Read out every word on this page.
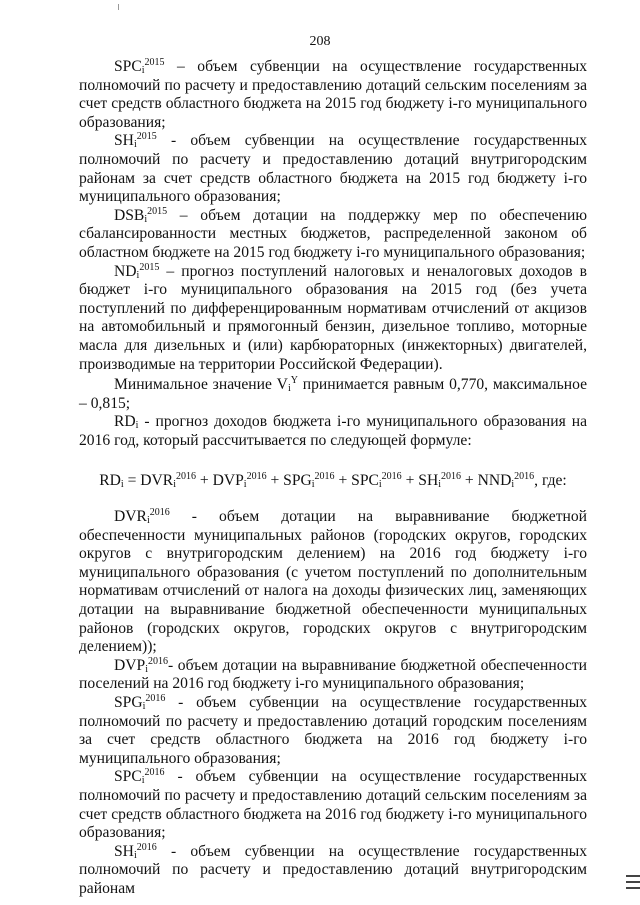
208

$SPC_i^{2015}$ – объем субвенции на осуществление государственных полномочий по расчету и предоставлению дотаций сельским поселениям за счет средств областного бюджета на 2015 год бюджету i-го муниципального образования;

$SH_i^{2015}$ - объем субвенции на осуществление государственных полномочий по расчету и предоставлению дотаций внутригородским районам за счет средств областного бюджета на 2015 год бюджету i-го муниципального образования;

$DSB_i^{2015}$ – объем дотации на поддержку мер по обеспечению сбалансированности местных бюджетов, распределенной законом об областном бюджете на 2015 год бюджету i-го муниципального образования;

$ND_i^{2015}$ – прогноз поступлений налоговых и неналоговых доходов в бюджет i-го муниципального образования на 2015 год (без учета поступлений по дифференцированным нормативам отчислений от акцизов на автомобильный и прямогонный бензин, дизельное топливо, моторные масла для дизельных и (или) карбюраторных (инжекторных) двигателей, производимые на территории Российской Федерации).

Минимальное значение $V_i^Y$ принимается равным 0,770, максимальное – 0,815;

$RD_i$ - прогноз доходов бюджета i-го муниципального образования на 2016 год, который рассчитывается по следующей формуле:

$RD_i = DVR_i^{2016} + DVP_i^{2016} + SPG_i^{2016} + SPC_i^{2016} + SH_i^{2016} + NND_i^{2016}$, где:

$DVR_i^{2016}$ - объем дотации на выравнивание бюджетной обеспеченности муниципальных районов (городских округов, городских округов с внутригородским делением) на 2016 год бюджету i-го муниципального образования (с учетом поступлений по дополнительным нормативам отчислений от налога на доходы физических лиц, заменяющих дотации на выравнивание бюджетной обеспеченности муниципальных районов (городских округов, городских округов с внутригородским делением));

$DVP_i^{2016}-$ объем дотации на выравнивание бюджетной обеспеченности поселений на 2016 год бюджету i-го муниципального образования;

$SPG_i^{2016}$ - объем субвенции на осуществление государственных полномочий по расчету и предоставлению дотаций городским поселениям за счет средств областного бюджета на 2016 год бюджету i-го муниципального образования;

$SPC_i^{2016}$ - объем субвенции на осуществление государственных полномочий по расчету и предоставлению дотаций сельским поселениям за счет средств областного бюджета на 2016 год бюджету i-го муниципального образования;

$SH_i^{2016}$ - объем субвенции на осуществление государственных полномочий по расчету и предоставлению дотаций внутригородским районам
